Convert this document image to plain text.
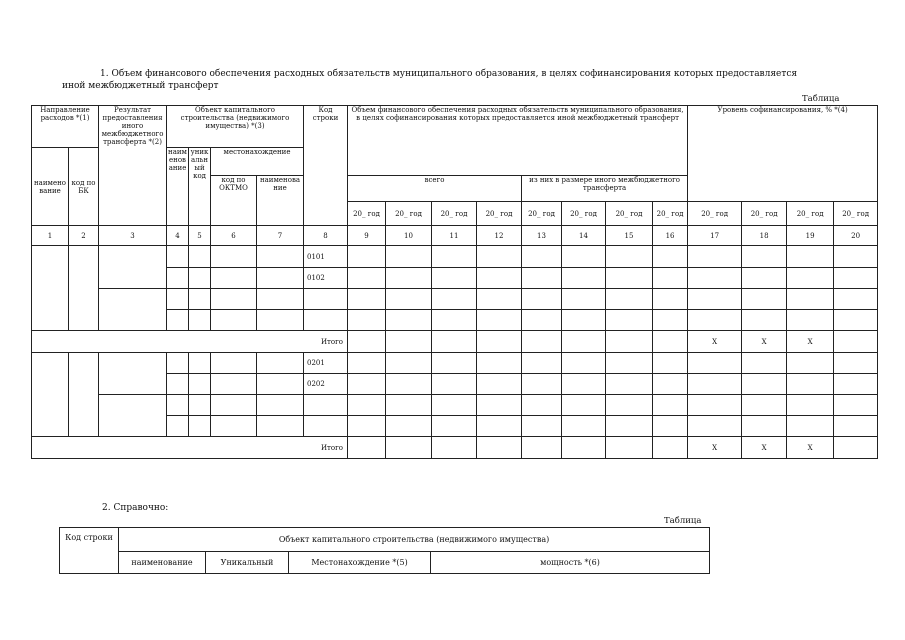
1. Объем финансового обеспечения расходных обязательств муниципального образования, в целях софинансирования которых предоставляется иной межбюджетный трансферт
Таблица
Направление расходов *(1)		Результат предоставления иного межбюджетного трансферта *(2)	Объект капитального строительства (недвижимого имущества) *(3)				Код строки	Объем финансового обеспечения расходных обязательств муниципального образования, в целях софинансирования которых предоставляется иной межбюджетный трансферт								Уровень софинансирования, % *(4)			
наименование	код по БК		наименование	уникальный код	местонахождение														
					код по ОКТМО	наименование		всего				из них в размере иного межбюджетного трансферта							
								20_ год	20_ год	20_ год	20_ год	20_ год	20_ год	20_ год	20_ год	20_ год	20_ год	20_ год	20_ год
1	2	3	4	5	6	7	8	9	10	11	12	13	14	15	16	17	18	19	20
							0101												
							0102												

Итого																X	X	X	
							0201												
							0202												

Итого																X	X	X	
2. Справочно:
Таблица
Код строки	Объект капитального строительства (недвижимого имущества)			
	наименование	Уникальный	Местонахождение *(5)	мощность *(6)
